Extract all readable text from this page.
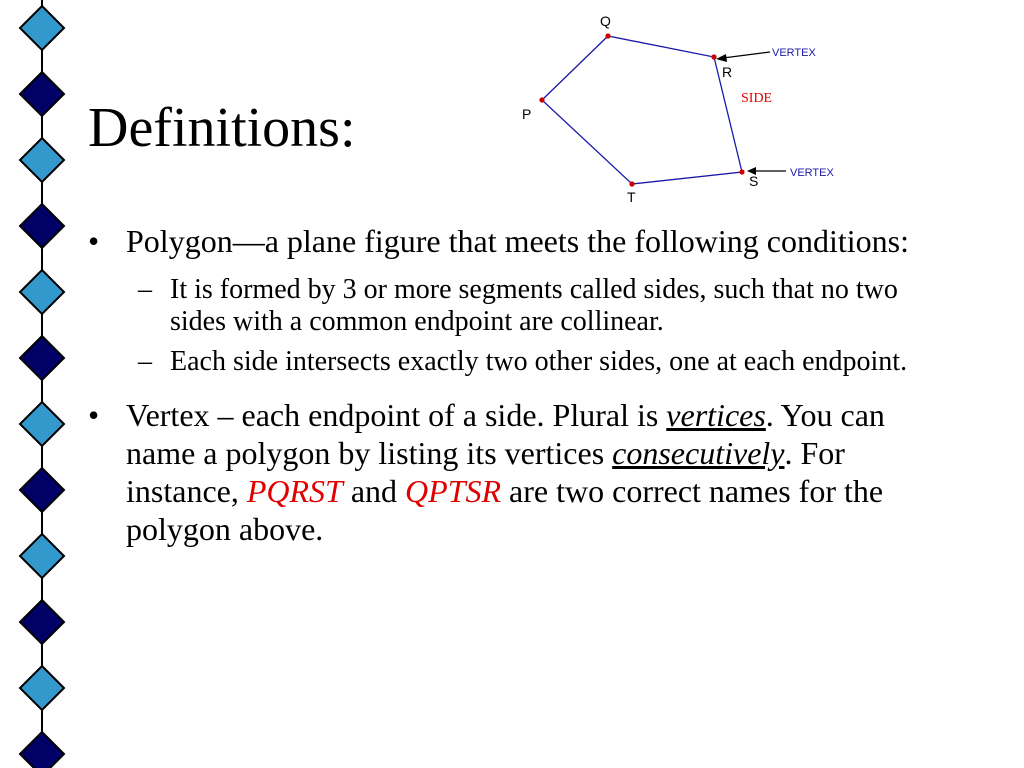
Q
R
P
S
T
SIDE
VERTEX
VERTEX
Definitions:
• Polygon—a plane figure that meets the following conditions:
– It is formed by 3 or more segments called sides, such that no two sides with a common endpoint are collinear.
– Each side intersects exactly two other sides, one at each endpoint.
• Vertex – each endpoint of a side. Plural is vertices. You can name a polygon by listing its vertices consecutively. For instance, PQRST and QPTSR are two correct names for the polygon above.
